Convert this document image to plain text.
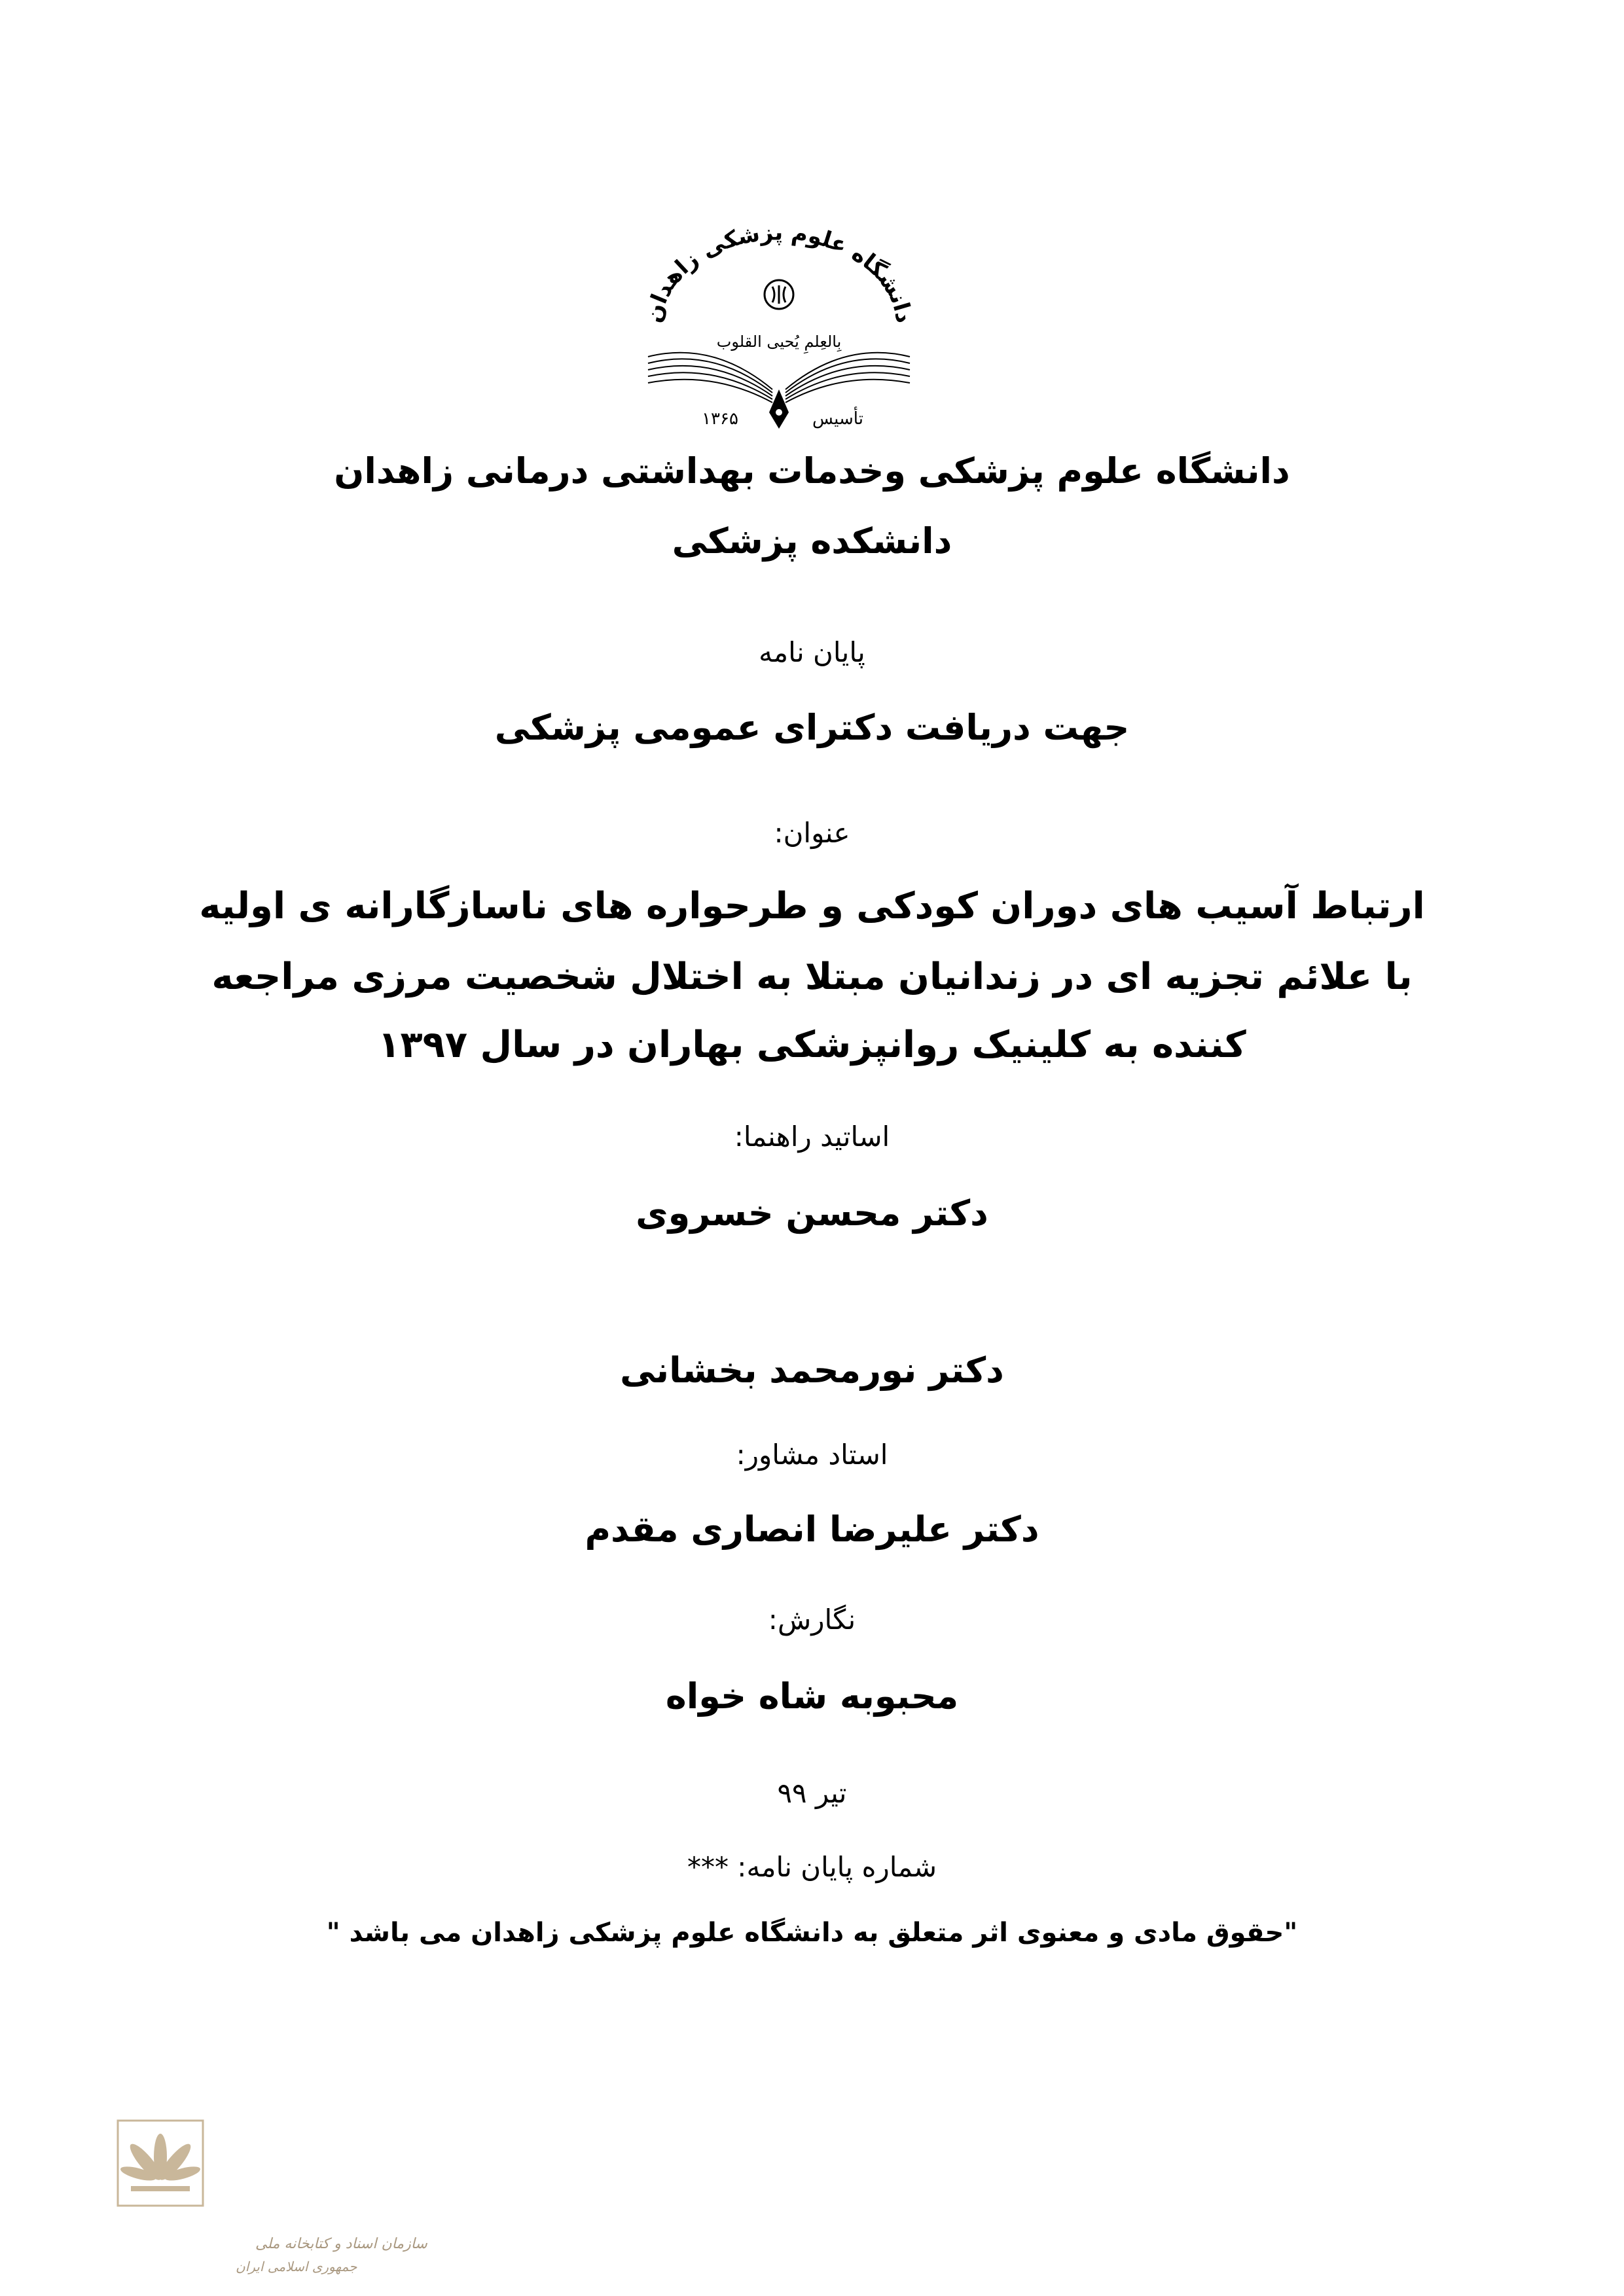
دانشگاه علوم پزشکی زاهدان
بِالعِلمِ یُحیی القلوب
تأسیس
۱۳۶۵
دانشگاه علوم پزشکی وخدمات بهداشتی درمانی زاهدان
دانشکده پزشکی
پایان نامه
جهت دریافت دکترای عمومی پزشکی
عنوان:
ارتباط آسیب های دوران کودکی و طرحواره های ناسازگارانه ی اولیه
با علائم تجزیه ای در زندانیان مبتلا به اختلال شخصیت مرزی مراجعه
کننده به کلینیک روانپزشکی بهاران در سال ۱۳۹۷
اساتید راهنما:
دکتر محسن خسروی
دکتر نورمحمد بخشانی
استاد مشاور:
دکتر علیرضا انصاری مقدم
نگارش:
محبوبه شاه خواه
تیر ۹۹
شماره پایان نامه: ***
"حقوق مادی و معنوی اثر متعلق به دانشگاه علوم پزشکی زاهدان می باشد "
سازمان اسناد و کتابخانه ملی
جمهوری اسلامی ایران
